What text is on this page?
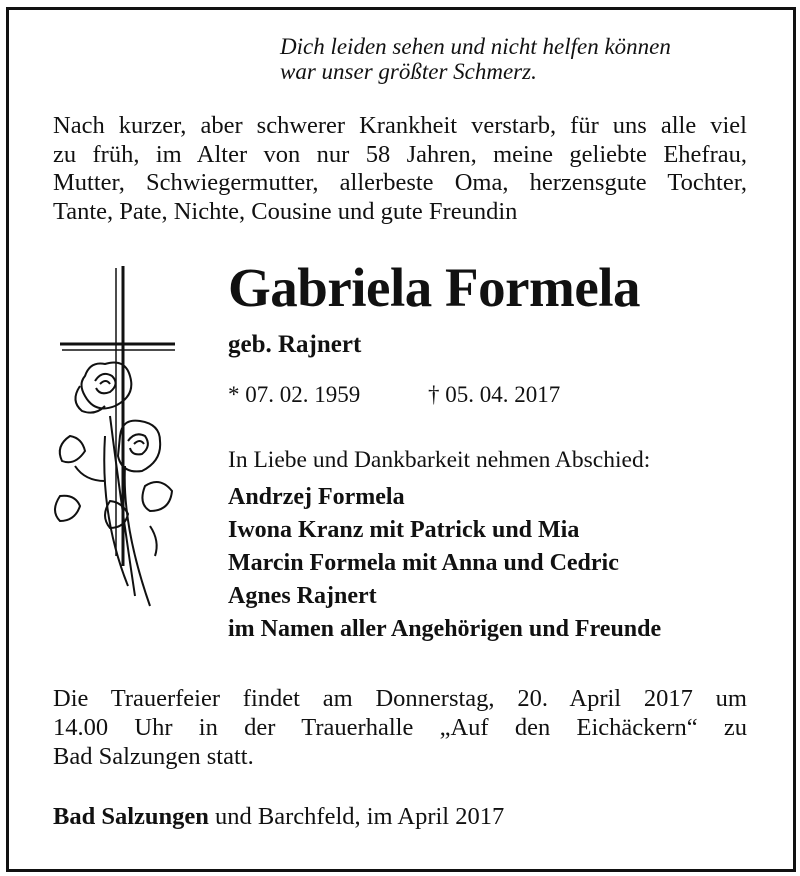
Dich leiden sehen und nicht helfen können
war unser größter Schmerz.
Nach kurzer, aber schwerer Krankheit verstarb, für uns alle viel
zu früh, im Alter von nur 58 Jahren, meine geliebte Ehefrau,
Mutter, Schwiegermutter, allerbeste Oma, herzensgute Tochter,
Tante, Pate, Nichte, Cousine und gute Freundin
Gabriela Formela
geb. Rajnert
* 07. 02. 1959	† 05. 04. 2017
In Liebe und Dankbarkeit nehmen Abschied:
Andrzej Formela
Iwona Kranz mit Patrick und Mia
Marcin Formela mit Anna und Cedric
Agnes Rajnert
im Namen aller Angehörigen und Freunde
Die Trauerfeier findet am Donnerstag, 20. April 2017 um
14.00 Uhr in der Trauerhalle „Auf den Eichäckern“ zu
Bad Salzungen statt.
Bad Salzungen und Barchfeld, im April 2017
